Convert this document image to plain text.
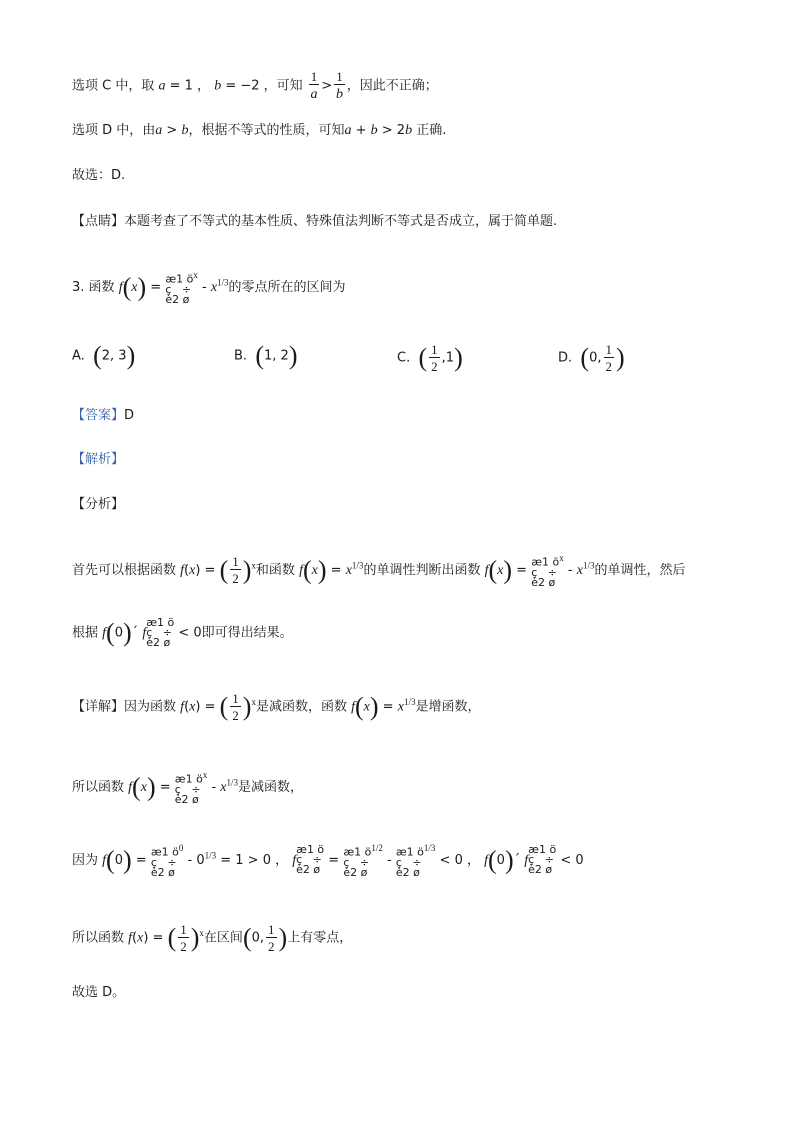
选项 C 中，取 a = 1 ， b = −2 ，可知 $\frac{1}{a} > \frac{1}{b}$ ，因此不正确；
选项 D 中，由a > b，根据不等式的性质，可知a + b > 2b 正确.
故选：D.
【点睛】本题考查了不等式的基本性质、特殊值法判断不等式是否成立，属于简单题.
3. 函数 f(x) = æ1 $ö^x$
ç   ÷
è2 ø - $x^{1/3}$的零点所在的区间为
A. (2, 3)	B. (1, 2)	C. ( $\frac{1}{2} ,1$)	D. (0, $\frac{1}{2}$ )
【答案】D
【解析】
【分析】
首先可以根据函数 f(x) = ( $\frac{1}{2} )^x$和函数 $f(x) = x^{1/3}$的单调性判断出函数 f(x) = æ1 $ö^x$
ç   ÷
è2 ø - $x^{1/3}$的单调性，然后
根据 f(0)´ fæ1 ö
ç   ÷
è2 ø < 0即可得出结果。
【详解】因为函数 f(x) = ( $\frac{1}{2} )^x$是减函数，函数 $f(x) = x^{1/3}$是增函数，
所以函数 f(x) = æ1 $ö^x$
ç   ÷
è2 ø - $x^{1/3}$是减函数，
因为 f(0) = æ1 $ö^0$
ç   ÷
è2 ø - $0^{1/3} = 1 > 0$ ， fæ1 ö
ç   ÷
è2 ø = æ1 $ö^{1/2}$
ç   ÷
è2 ø - æ1 $ö^{1/3}$
ç   ÷
è2 ø < 0 ， f(0)´ fæ1 ö
ç   ÷
è2 ø < 0
所以函数 f(x) = ( $\frac{1}{2} )^x$在区间(0, $\frac{1}{2}$ )上有零点，
故选 D。
